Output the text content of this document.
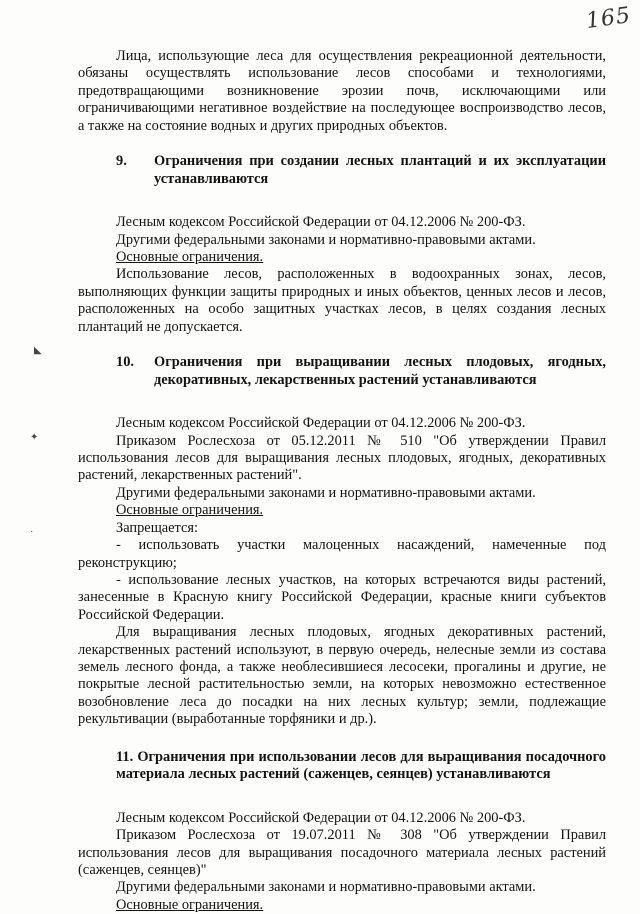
165
◣
✦
˙

Лица, использующие леса для осуществления рекреационной деятельности, обязаны осуществлять использование лесов способами и технологиями, предотвращающими возникновение эрозии почв, исключающими или ограничивающими негативное воздействие на последующее воспроизводство лесов, а также на состояние водных и других природных объектов.

9.	Ограничения при создании лесных плантаций и их эксплуатации устанавливаются

Лесным кодексом Российской Федерации от 04.12.2006 № 200-ФЗ.

Другими федеральными законами и нормативно-правовыми актами.

Основные ограничения.

Использование лесов, расположенных в водоохранных зонах, лесов, выполняющих функции защиты природных и иных объектов, ценных лесов и лесов, расположенных на особо защитных участках лесов, в целях создания лесных плантаций не допускается.

10.	Ограничения при выращивании лесных плодовых, ягодных, декоративных, лекарственных растений устанавливаются

Лесным кодексом Российской Федерации от 04.12.2006 № 200-ФЗ.

Приказом Рослесхоза от 05.12.2011 № 510 "Об утверждении Правил использования лесов для выращивания лесных плодовых, ягодных, декоративных растений, лекарственных растений".

Другими федеральными законами и нормативно-правовыми актами.

Основные ограничения.

Запрещается:

- использовать участки малоценных насаждений, намеченные под реконструкцию;

- использование лесных участков, на которых встречаются виды растений, занесенные в Красную книгу Российской Федерации, красные книги субъектов Российской Федерации.

Для выращивания лесных плодовых, ягодных декоративных растений, лекарственных растений используют, в первую очередь, нелесные земли из состава земель лесного фонда, а также необлесившиеся лесосеки, прогалины и другие, не покрытые лесной растительностью земли, на которых невозможно естественное возобновление леса до посадки на них лесных культур; земли, подлежащие рекультивации (выработанные торфяники и др.).

11. Ограничения при использовании лесов для выращивания посадочного материала лесных растений (саженцев, сеянцев) устанавливаются

Лесным кодексом Российской Федерации от 04.12.2006 № 200-ФЗ.

Приказом Рослесхоза от 19.07.2011 № 308 "Об утверждении Правил использования лесов для выращивания посадочного материала лесных растений (саженцев, сеянцев)"

Другими федеральными законами и нормативно-правовыми актами.

Основные ограничения.
